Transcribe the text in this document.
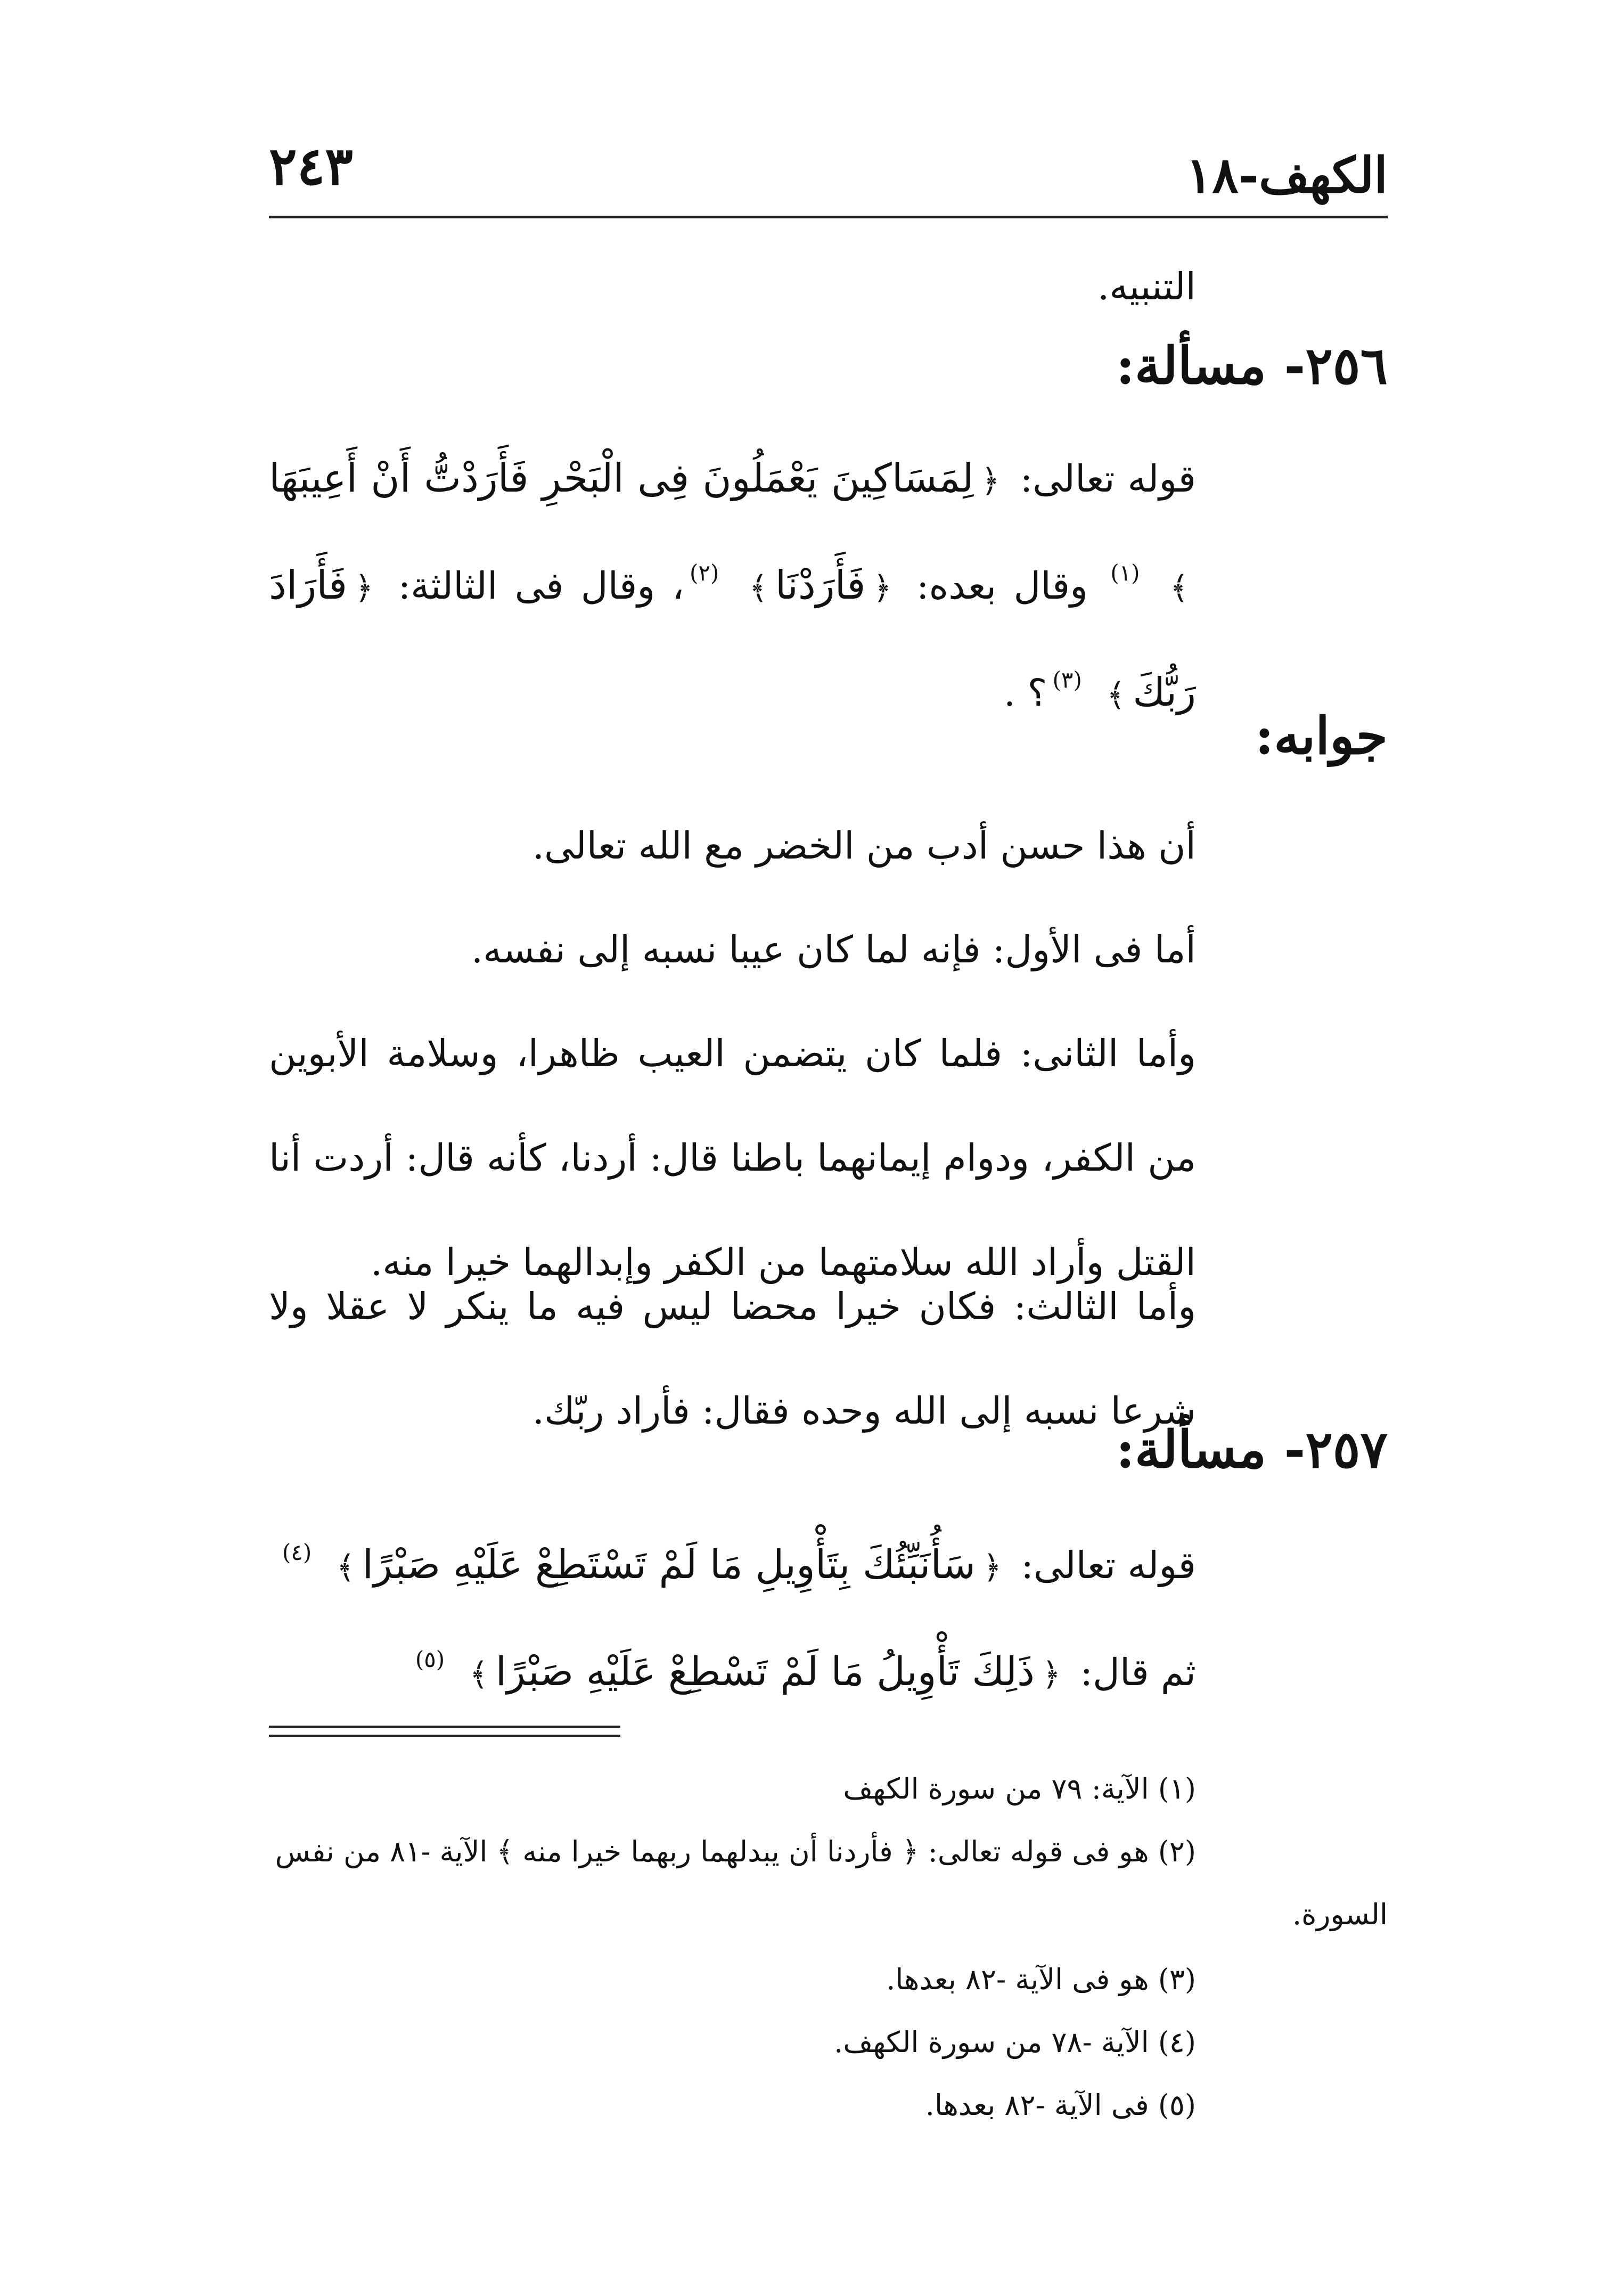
الكهف-١٨
٢٤٣
التنبيه.
٢٥٦- مسألة:
قوله تعالى: ﴿لِمَسَاكِينَ يَعْمَلُونَ فِى الْبَحْرِ فَأَرَدْتُّ أَنْ أَعِيبَهَا﴾ $^{(١)}$ وقال بعده: ﴿فَأَرَدْنَا﴾ $^{(٢)}$، وقال فى الثالثة: ﴿فَأَرَادَ رَبُّكَ﴾ $^{(٣)}$؟ .
جوابه:
أن هذا حسن أدب من الخضر مع الله تعالى.
أما فى الأول: فإنه لما كان عيبا نسبه إلى نفسه.
وأما الثانى: فلما كان يتضمن العيب ظاهرا، وسلامة الأبوين من الكفر، ودوام إيمانهما باطنا قال: أردنا، كأنه قال: أردت أنا القتل وأراد الله سلامتهما من الكفر وإبدالهما خيرا منه.
وأما الثالث: فكان خيرا محضا ليس فيه ما ينكر لا عقلا ولا شرعا نسبه إلى الله وحده فقال: فأراد ربّك.
٢٥٧- مسألة:
قوله تعالى: ﴿سَأُنَبِّئُكَ بِتَأْوِيلِ مَا لَمْ تَسْتَطِعْ عَلَيْهِ صَبْرًا﴾ $^{(٤)}$
ثم قال: ﴿ذَلِكَ تَأْوِيلُ مَا لَمْ تَسْطِعْ عَلَيْهِ صَبْرًا﴾ $^{(٥)}$
(١) الآية: ٧٩ من سورة الكهف
(٢) هو فى قوله تعالى: ﴿ فأردنا أن يبدلهما ربهما خيرا منه ﴾ الآية -٨١ من نفس
السورة.
(٣) هو فى الآية -٨٢ بعدها.
(٤) الآية -٧٨ من سورة الكهف.
(٥) فى الآية -٨٢ بعدها.
